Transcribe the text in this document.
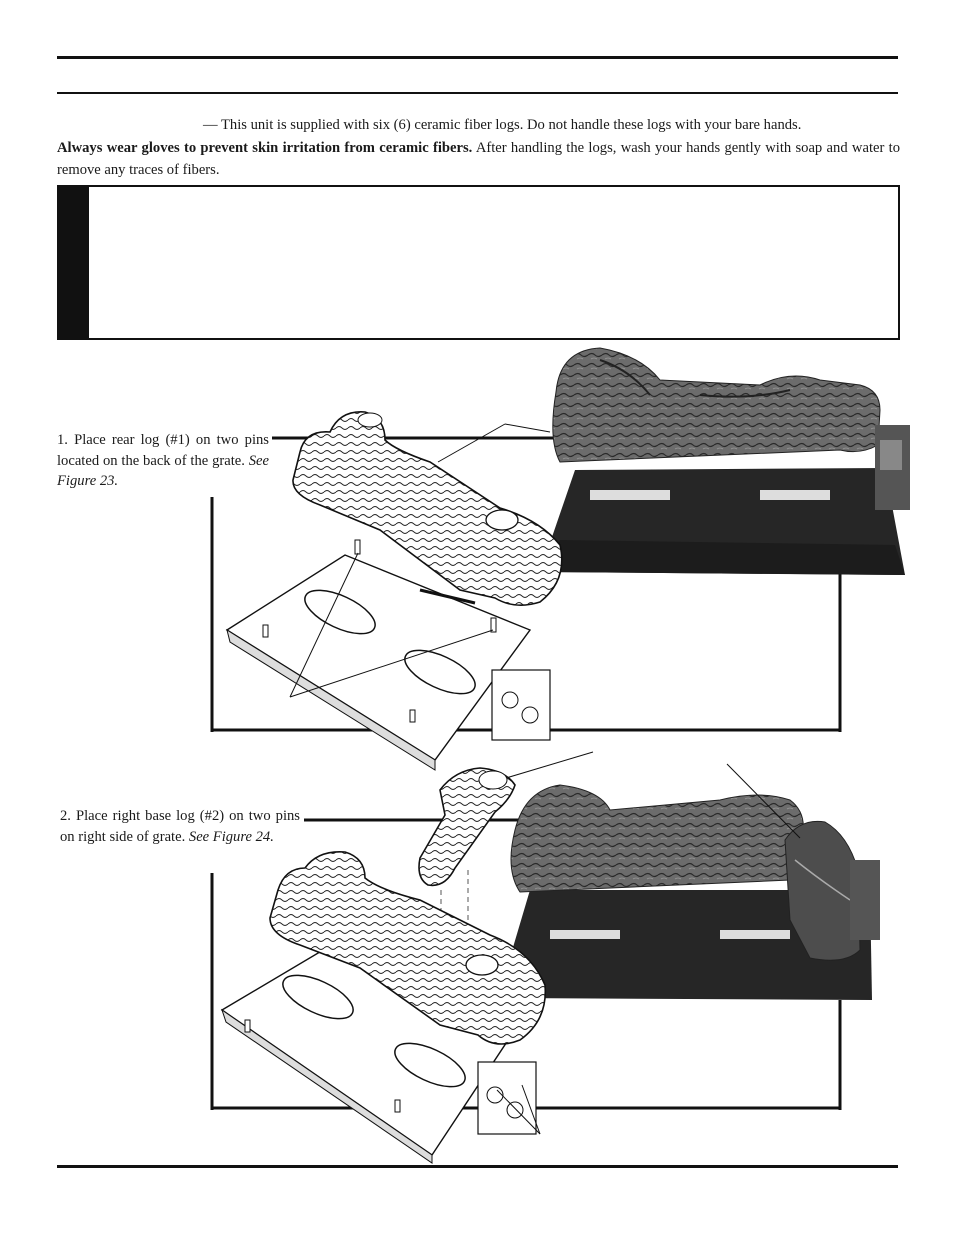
— This unit is supplied with six (6) ceramic fiber logs. Do not handle these logs with your bare hands.

Always wear gloves to prevent skin irritation from ceramic fibers. After handling the logs, wash your hands gently with soap and water to remove any traces of fibers.

1. Place rear log (#1) on two pins located on the back of the grate. See Figure 23.
2. Place right base log (#2) on two pins on right side of grate. See Figure 24.
